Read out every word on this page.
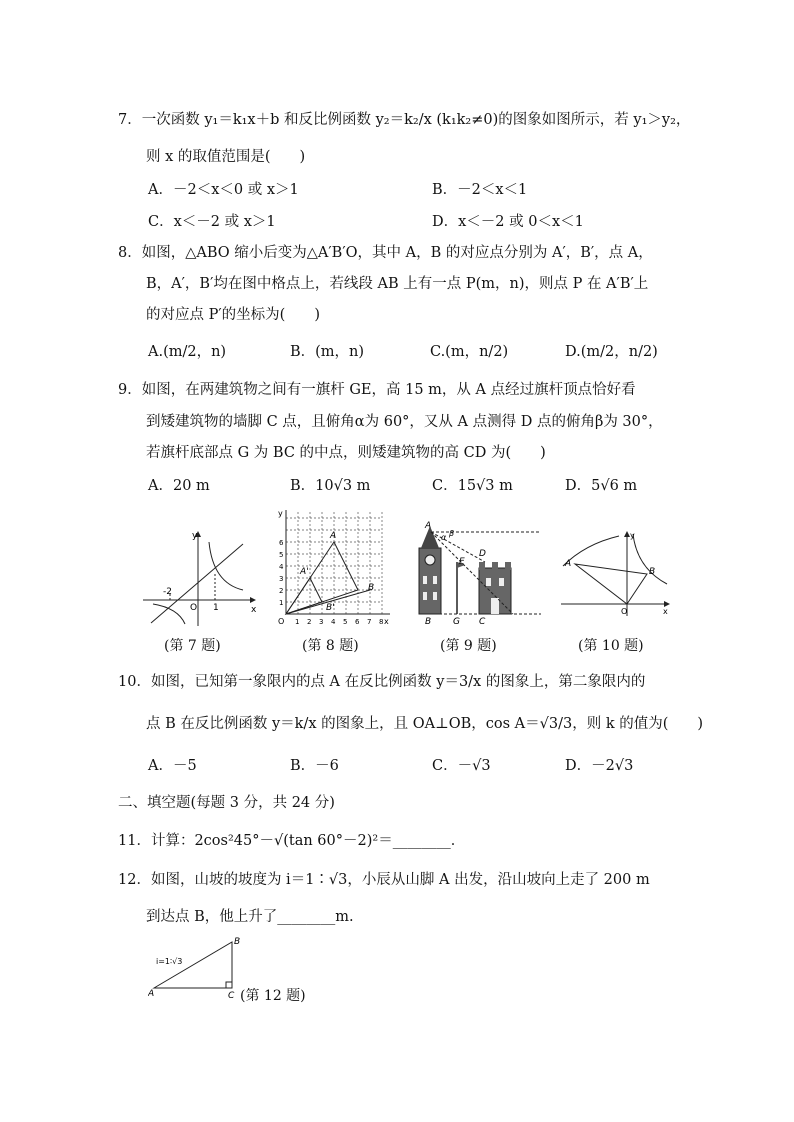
7．一次函数 y₁＝k₁x＋b 和反比例函数 y₂＝k₂/x (k₁k₂≠0)的图象如图所示，若 y₁＞y₂，
则 x 的取值范围是(　　)
A．－2＜x＜0 或 x＞1	B．－2＜x＜1
C．x＜－2 或 x＞1	D．x＜－2 或 0＜x＜1
8．如图，△ABO 缩小后变为△A′B′O，其中 A，B 的对应点分别为 A′，B′，点 A，
B，A′，B′均在图中格点上，若线段 AB 上有一点 P(m，n)，则点 P 在 A′B′上
的对应点 P′的坐标为(　　)
A.(m/2，n)	B．(m，n)	C.(m，n/2)	D.(m/2，n/2)
9．如图，在两建筑物之间有一旗杆 GE，高 15 m，从 A 点经过旗杆顶点恰好看
到矮建筑物的墙脚 C 点，且俯角α为 60°，又从 A 点测得 D 点的俯角β为 30°，
若旗杆底部点 G 为 BC 的中点，则矮建筑物的高 CD 为(　　)
A．20 m	B．10√3 m	C．15√3 m	D．5√6 m
y
x
O 1
-2
A
A'
B
B'
y
x
O 1 2 3 4 5 6 7 8
1
2
3
4
5
6
A
α β
D
E
B G C
A
B
O
y
x
(第 7 题)	(第 8 题)	(第 9 题)	(第 10 题)
10．如图，已知第一象限内的点 A 在反比例函数 y＝3/x 的图象上，第二象限内的
点 B 在反比例函数 y＝k/x 的图象上，且 OA⊥OB，cos A＝√3/3，则 k 的值为(　　)
A．－5	B．－6	C．－√3	D．－2√3
二、填空题(每题 3 分，共 24 分)
11．计算：2cos²45°－√(tan 60°－2)²＝________．
12．如图，山坡的坡度为 i＝1∶√3，小辰从山脚 A 出发，沿山坡向上走了 200 m
到达点 B，他上升了________m.
B
A	C
i=1∶√3
(第 12 题)
